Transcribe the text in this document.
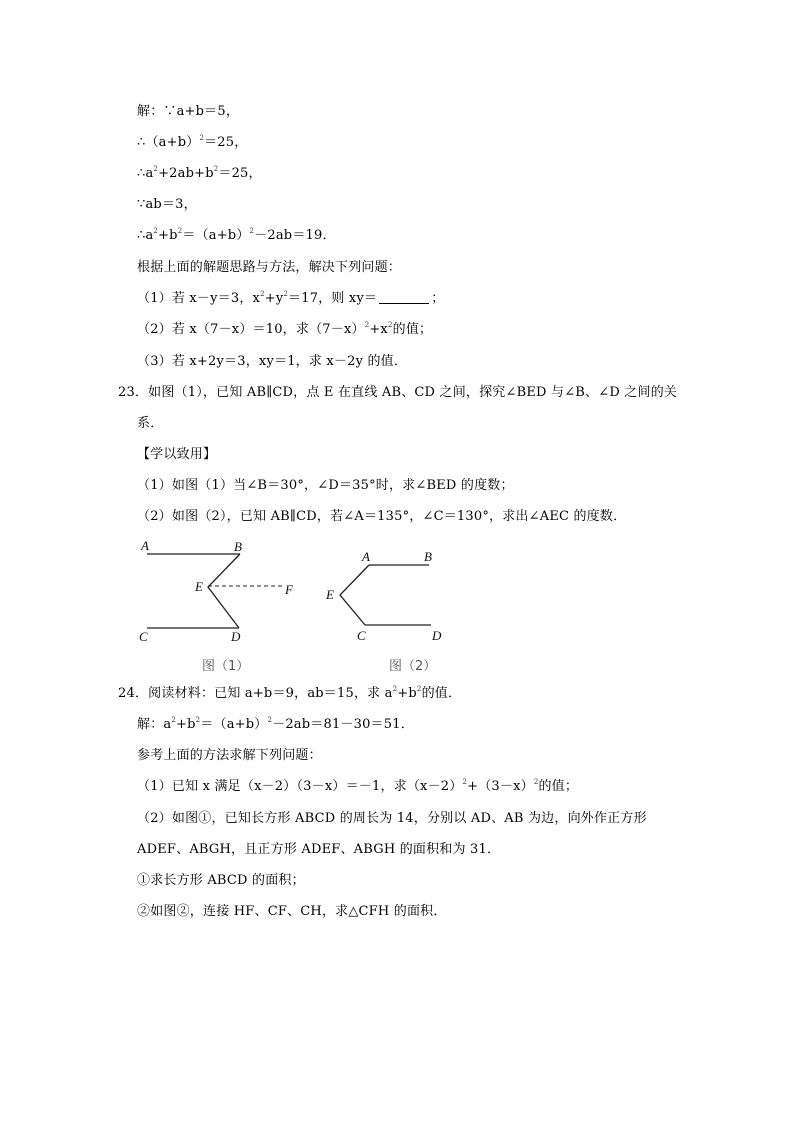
解：∵a+b＝5，
$\therefore(a+b)^2=25$，
$\therefore a^2+2ab+b^2=25$，
∵ab＝3，
$\therefore a^2+b^2=(a+b)^2-2ab=19$．
根据上面的解题思路与方法，解决下列问题：
（1）若 x－y＝3，$x^2+y^2=17$，则 xy＝	；
（2）若 x（7－x）＝10，求$(7-x)^2+x^2$的值；
（3）若 x+2y＝3，xy＝1，求 x－2y 的值．
23．如图（1），已知 AB∥CD，点 E 在直线 AB、CD 之间，探究∠BED 与∠B、∠D 之间的关
系．
【学以致用】
（1）如图（1）当∠B＝30°，∠D＝35°时，求∠BED 的度数；
（2）如图（2），已知 AB∥CD，若∠A＝135°，∠C＝130°，求出∠AEC 的度数．
A	B
E	F
C	D
图（1）
A	B
E
C	D
图（2）
24．阅读材料：已知 a+b＝9，ab＝15，求 $a^2+b^2$的值．
解：$a^2+b^2=(a+b)^2-2ab=81-30=51$．
参考上面的方法求解下列问题：
（1）已知 x 满足（x－2）（3－x）＝－1，求$(x-2)^2+(3-x)^2$的值；
（2）如图①，已知长方形 ABCD 的周长为 14，分别以 AD、AB 为边，向外作正方形
ADEF、ABGH，且正方形 ADEF、ABGH 的面积和为 31．
①求长方形 ABCD 的面积；
②如图②，连接 HF、CF、CH，求△CFH 的面积．
